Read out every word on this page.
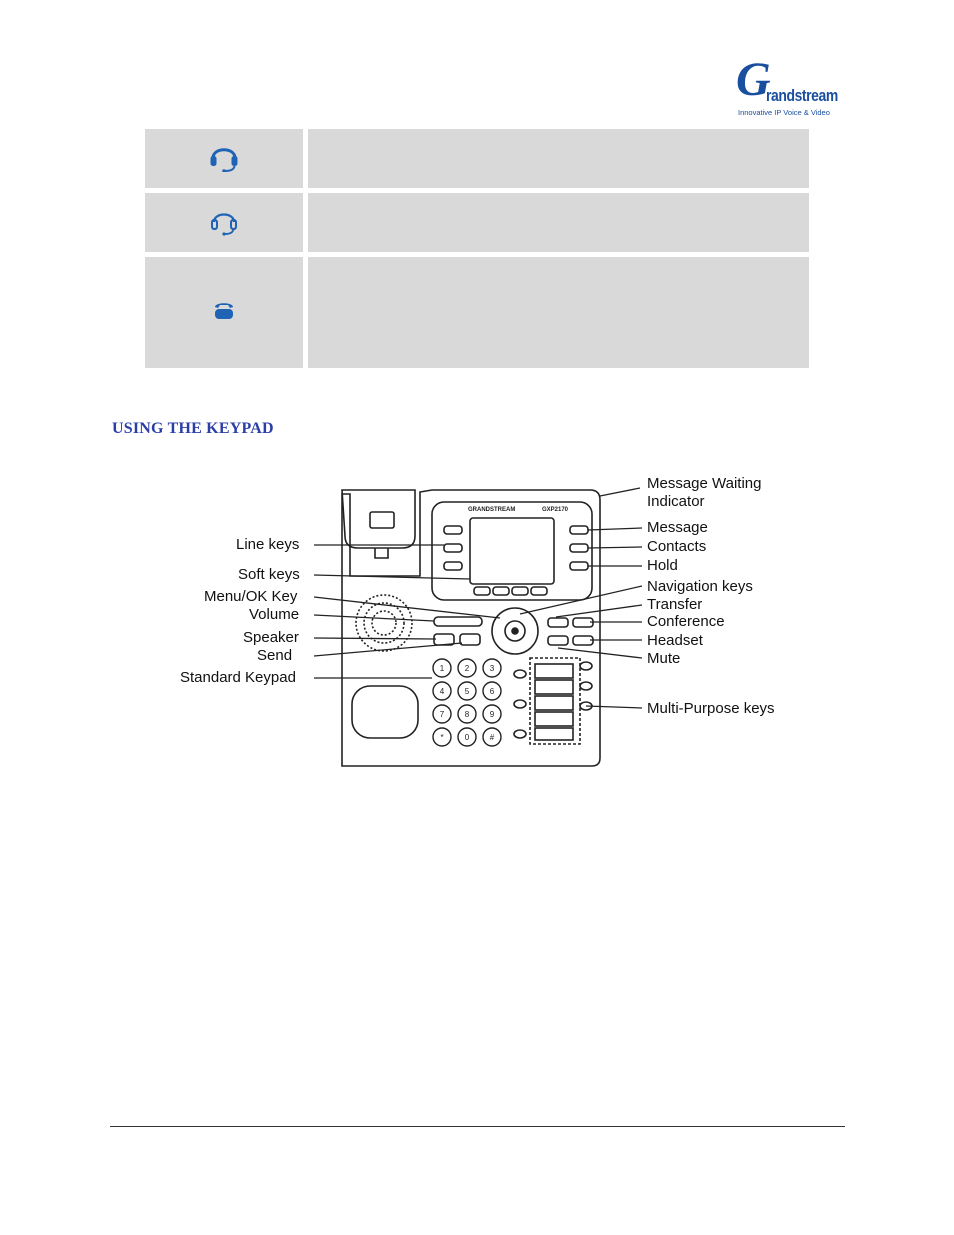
G
randstream
Innovative IP Voice & Video
USING THE KEYPAD
GRANDSTREAM	GXP2170
1	2	3
4	5	6
7	8	9
*	0	#
Line keys
Soft keys
Menu/OK Key
Volume
Speaker
Send
Standard Keypad
Message Waiting
Indicator
Message
Contacts
Hold
Navigation keys
Transfer
Conference
Headset
Mute
Multi-Purpose keys
